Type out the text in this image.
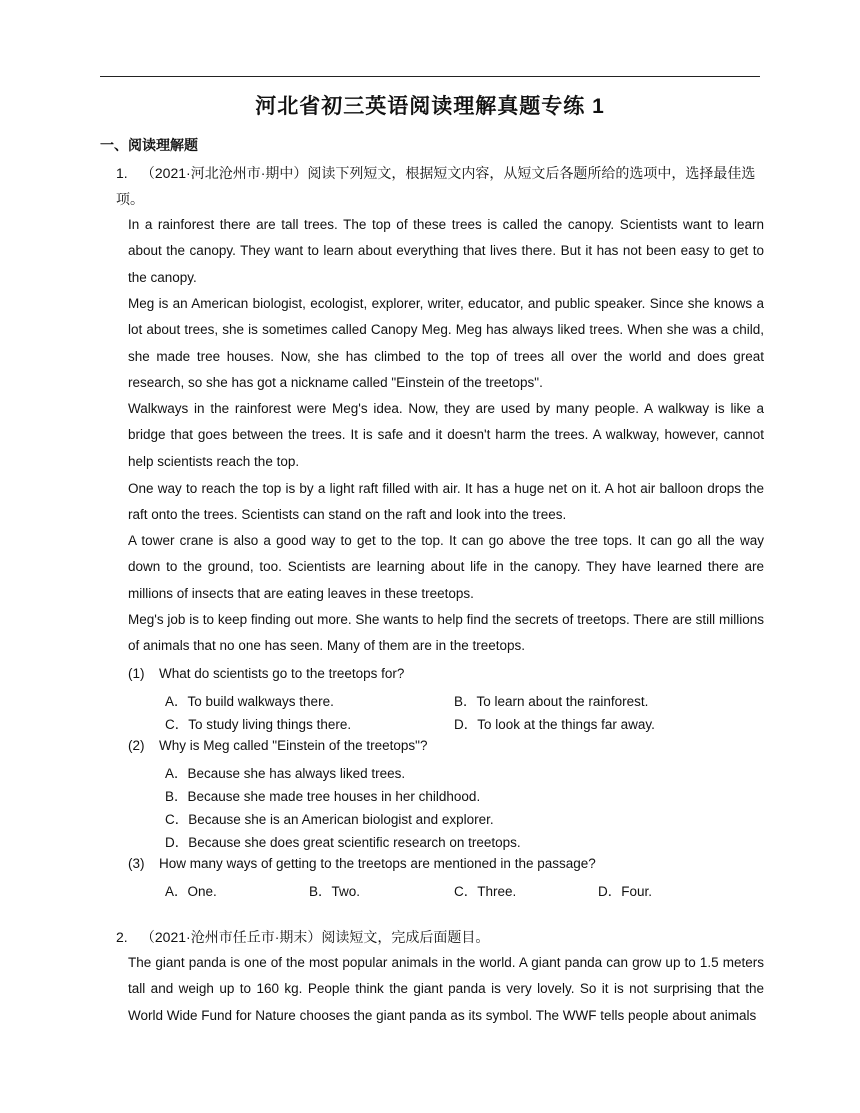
河北省初三英语阅读理解真题专练 1
一、阅读理解题
1. （2021·河北沧州市·期中）阅读下列短文，根据短文内容，从短文后各题所给的选项中，选择最佳选项。
In a rainforest there are tall trees. The top of these trees is called the canopy. Scientists want to learn about the canopy. They want to learn about everything that lives there. But it has not been easy to get to the canopy.
Meg is an American biologist, ecologist, explorer, writer, educator, and public speaker. Since she knows a lot about trees, she is sometimes called Canopy Meg. Meg has always liked trees. When she was a child, she made tree houses. Now, she has climbed to the top of trees all over the world and does great research, so she has got a nickname called "Einstein of the treetops".
Walkways in the rainforest were Meg's idea. Now, they are used by many people. A walkway is like a bridge that goes between the trees. It is safe and it doesn't harm the trees. A walkway, however, cannot help scientists reach the top.
One way to reach the top is by a light raft filled with air. It has a huge net on it. A hot air balloon drops the raft onto the trees. Scientists can stand on the raft and look into the trees.
A tower crane is also a good way to get to the top. It can go above the tree tops. It can go all the way down to the ground, too. Scientists are learning about life in the canopy. They have learned there are millions of insects that are eating leaves in these treetops.
Meg's job is to keep finding out more. She wants to help find the secrets of treetops. There are still millions of animals that no one has seen. Many of them are in the treetops.
(1) What do scientists go to the treetops for?
A．To build walkways there.	B．To learn about the rainforest.
C．To study living things there.	D．To look at the things far away.
(2) Why is Meg called "Einstein of the treetops"?
A．Because she has always liked trees.
B．Because she made tree houses in her childhood.
C．Because she is an American biologist and explorer.
D．Because she does great scientific research on treetops.
(3) How many ways of getting to the treetops are mentioned in the passage?
A．One.	B．Two.	C．Three.	D．Four.
2. （2021·沧州市任丘市·期末）阅读短文，完成后面题目。
The giant panda is one of the most popular animals in the world. A giant panda can grow up to 1.5 meters tall and weigh up to 160 kg. People think the giant panda is very lovely. So it is not surprising that the World Wide Fund for Nature chooses the giant panda as its symbol. The WWF tells people about animals
